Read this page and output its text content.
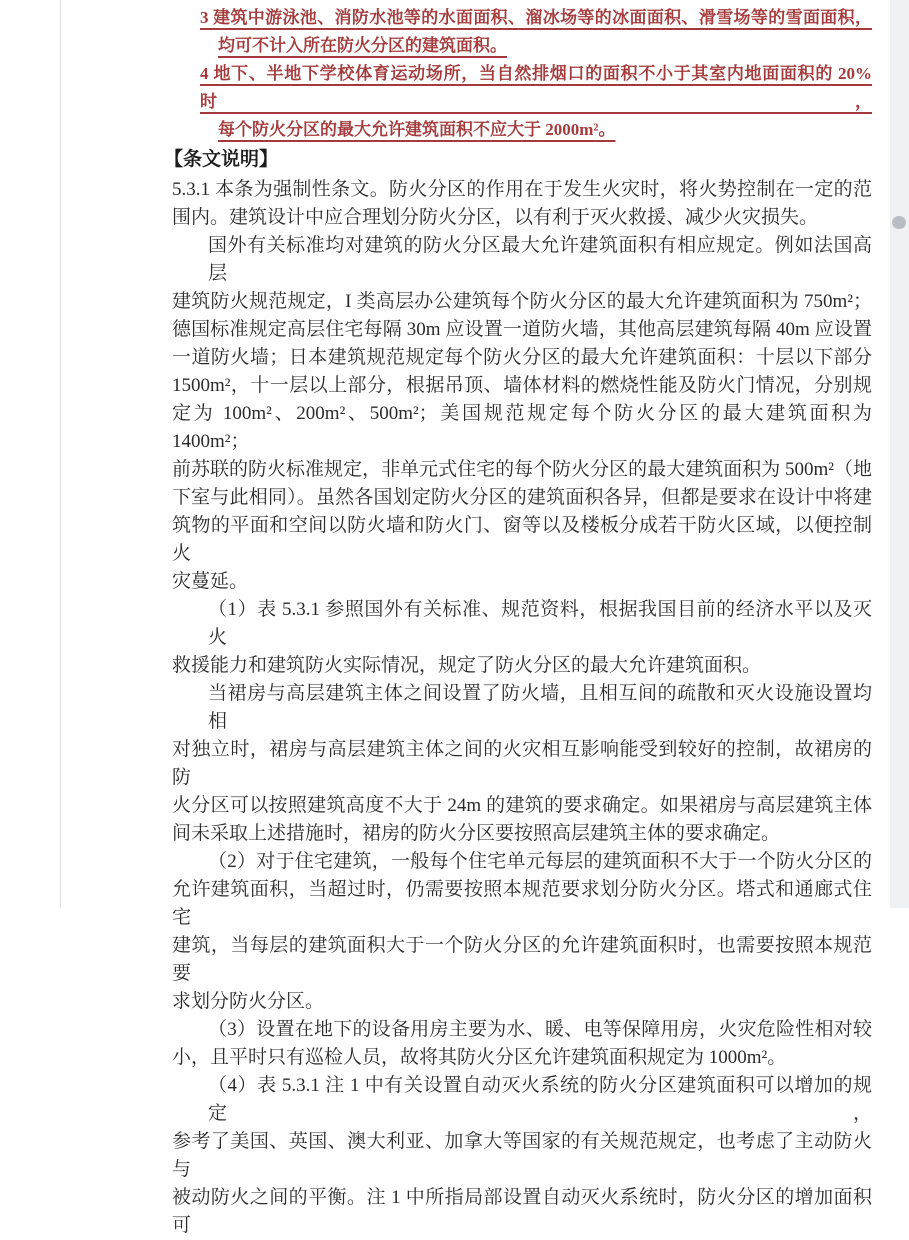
3 建筑中游泳池、消防水池等的水面面积、溜冰场等的冰面面积、滑雪场等的雪面面积，
均可不计入所在防火分区的建筑面积。
4 地下、半地下学校体育运动场所，当自然排烟口的面积不小于其室内地面面积的 20%时，
每个防火分区的最大允许建筑面积不应大于 2000m²。
【条文说明】
5.3.1 本条为强制性条文。防火分区的作用在于发生火灾时，将火势控制在一定的范
围内。建筑设计中应合理划分防火分区，以有利于灭火救援、减少火灾损失。
国外有关标准均对建筑的防火分区最大允许建筑面积有相应规定。例如法国高层
建筑防火规范规定，I 类高层办公建筑每个防火分区的最大允许建筑面积为 750m²；
德国标准规定高层住宅每隔 30m 应设置一道防火墙，其他高层建筑每隔 40m 应设置
一道防火墙；日本建筑规范规定每个防火分区的最大允许建筑面积：十层以下部分
1500m²，十一层以上部分，根据吊顶、墙体材料的燃烧性能及防火门情况，分别规
定为 100m²、200m²、500m²；美国规范规定每个防火分区的最大建筑面积为 1400m²；
前苏联的防火标准规定，非单元式住宅的每个防火分区的最大建筑面积为 500m²（地
下室与此相同）。虽然各国划定防火分区的建筑面积各异，但都是要求在设计中将建
筑物的平面和空间以防火墙和防火门、窗等以及楼板分成若干防火区域，以便控制火
灾蔓延。
（1）表 5.3.1 参照国外有关标准、规范资料，根据我国目前的经济水平以及灭火
救援能力和建筑防火实际情况，规定了防火分区的最大允许建筑面积。
当裙房与高层建筑主体之间设置了防火墙，且相互间的疏散和灭火设施设置均相
对独立时，裙房与高层建筑主体之间的火灾相互影响能受到较好的控制，故裙房的防
火分区可以按照建筑高度不大于 24m 的建筑的要求确定。如果裙房与高层建筑主体
间未采取上述措施时，裙房的防火分区要按照高层建筑主体的要求确定。
（2）对于住宅建筑，一般每个住宅单元每层的建筑面积不大于一个防火分区的
允许建筑面积，当超过时，仍需要按照本规范要求划分防火分区。塔式和通廊式住宅
建筑，当每层的建筑面积大于一个防火分区的允许建筑面积时，也需要按照本规范要
求划分防火分区。
（3）设置在地下的设备用房主要为水、暖、电等保障用房，火灾危险性相对较
小，且平时只有巡检人员，故将其防火分区允许建筑面积规定为 1000m²。
（4）表 5.3.1 注 1 中有关设置自动灭火系统的防火分区建筑面积可以增加的规定，
参考了美国、英国、澳大利亚、加拿大等国家的有关规范规定，也考虑了主动防火与
被动防火之间的平衡。注 1 中所指局部设置自动灭火系统时，防火分区的增加面积可
